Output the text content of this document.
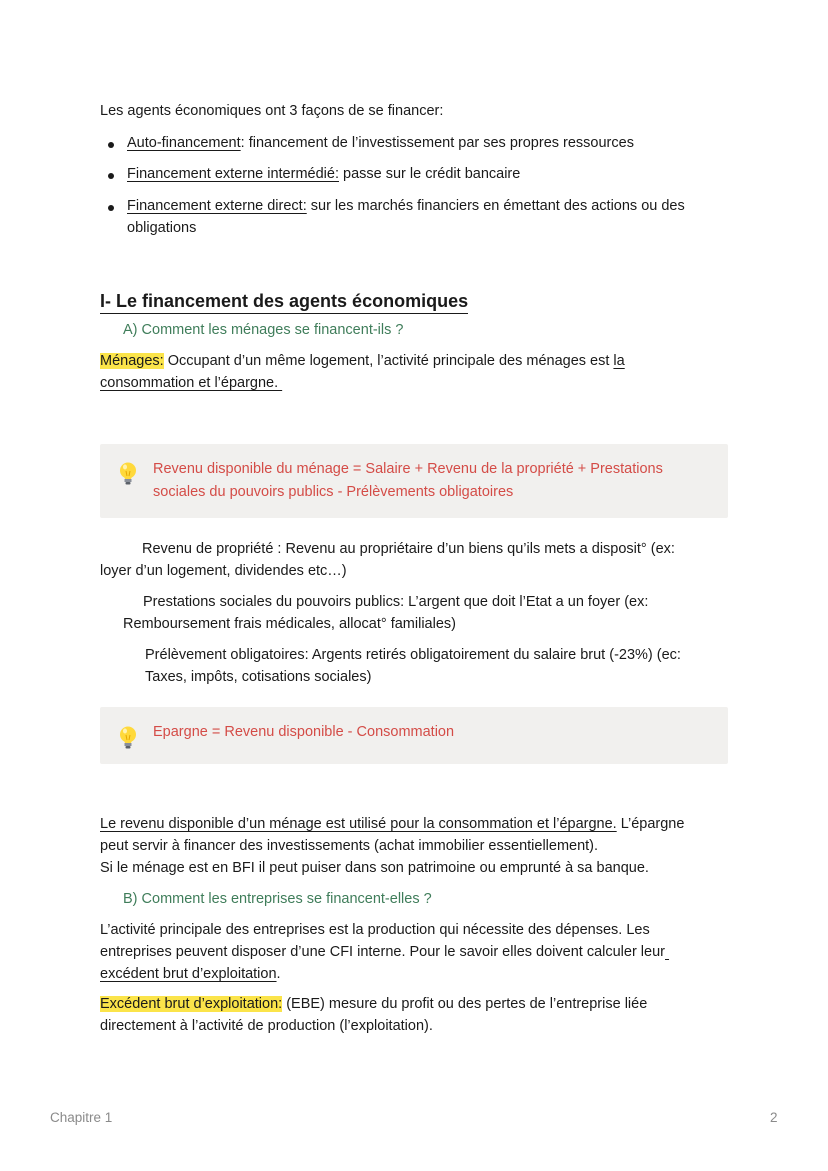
Les agents économiques ont 3 façons de se financer:
Auto-financement: financement de l’investissement par ses propres ressources
Financement externe intermédié: passe sur le crédit bancaire
Financement externe direct: sur les marchés financiers en émettant des actions ou des
obligations
I- Le financement des agents économiques
A) Comment les ménages se financent-ils ?
Ménages: Occupant d’un même logement, l’activité principale des ménages est la
consommation et l’épargne.
Revenu disponible du ménage = Salaire + Revenu de la propriété + Prestations
sociales du pouvoirs publics - Prélèvements obligatoires
Revenu de propriété : Revenu au propriétaire d’un biens qu’ils mets a disposit° (ex:
loyer d’un logement, dividendes etc…)
Prestations sociales du pouvoirs publics: L’argent que doit l’Etat a un foyer (ex:
Remboursement frais médicales, allocat° familiales)
Prélèvement obligatoires: Argents retirés obligatoirement du salaire brut (-23%) (ec:
Taxes, impôts, cotisations sociales)
Epargne = Revenu disponible - Consommation
Le revenu disponible d’un ménage est utilisé pour la consommation et l’épargne. L’épargne
peut servir à financer des investissements (achat immobilier essentiellement).
Si le ménage est en BFI il peut puiser dans son patrimoine ou emprunté à sa banque.
B) Comment les entreprises se financent-elles ?
L’activité principale des entreprises est la production qui nécessite des dépenses. Les
entreprises peuvent disposer d’une CFI interne. Pour le savoir elles doivent calculer leur
excédent brut d’exploitation.
Excédent brut d’exploitation: (EBE) mesure du profit ou des pertes de l’entreprise liée
directement à l’activité de production (l’exploitation).
Chapitre 1	2
